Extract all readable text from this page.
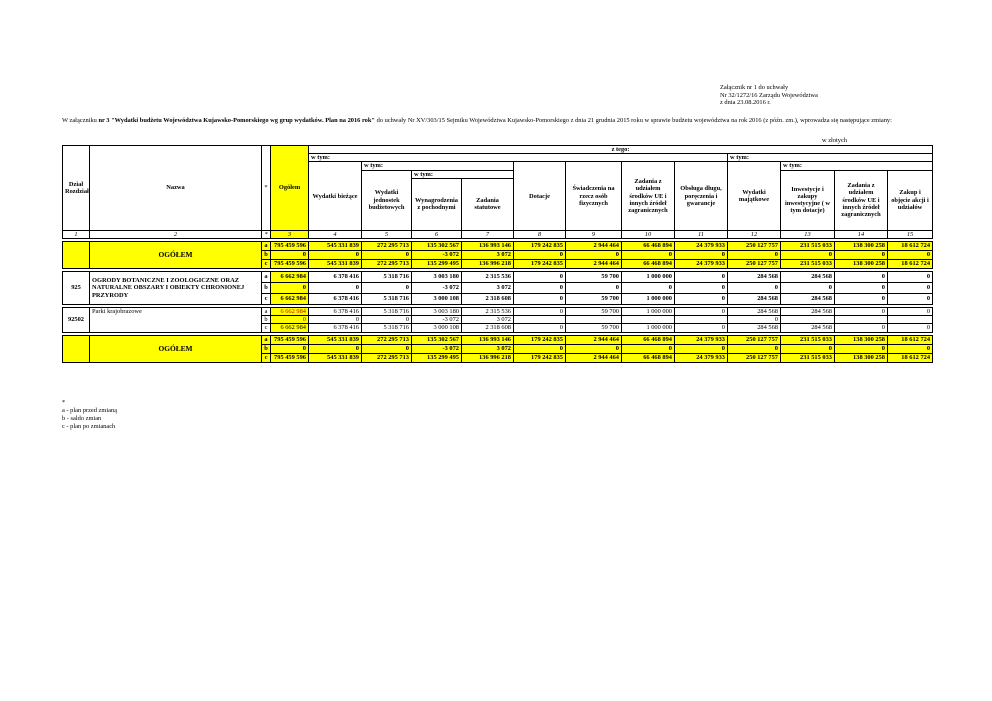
Załącznik nr 1 do uchwały
Nr 32/1272/16 Zarządu Województwa
z dnia 23.08.2016 r.
W załączniku nr 3 "Wydatki budżetu Województwa Kujawsko-Pomorskiego wg grup wydatków. Plan na 2016 rok" do uchwały Nr XV/303/15 Sejmiku Województwa Kujawsko-Pomorskiego z dnia 21 grudnia 2015 roku w sprawie budżetu województwa na rok 2016 (z późn. zm.), wprowadza się następujące zmiany:
w złotych
Dział Rozdział	Nazwa	*	Ogółem	z tego:											
				w tym:								w tym:			
				Wydatki bieżące	w tym:			Dotacje	Świadczenia na rzecz osób fizycznych	Zadania z udziałem środków UE i innych źródeł zagranicznych	Obsługa długu, poręczenia i gwarancje	Wydatki majątkowe	w tym:		
					Wydatki jednostek budżetowych	w tym:							Inwestycje i zakupy inwestycyjne ( w tym dotacje)	Zadania z udziałem środków UE i innych źródeł zagranicznych	Zakup i objęcie akcji i udziałów
						Wynagrodzenia z pochodnymi	Zadania statutowe								
1	2	*	3	4	5	6	7	8	9	10	11	12	13	14	15

	OGÓŁEM	a	795 459 596	545 331 839	272 295 713	135 302 567	136 993 146	179 242 835	2 944 464	66 468 894	24 379 933	250 127 757	231 515 033	138 300 258	18 612 724
		b	0	0	0	-3 072	3 072	0	0	0	0	0	0	0	0
		c	795 459 596	545 331 839	272 295 713	135 299 495	136 996 218	179 242 835	2 944 464	66 468 894	24 379 933	250 127 757	231 515 033	138 300 258	18 612 724

925	OGRODY BOTANICZNE I ZOOLOGICZNE ORAZ NATURALNE OBSZARY I OBIEKTY CHRONIONEJ PRZYRODY	a	6 662 984	6 378 416	5 318 716	3 003 180	2 315 536	0	59 700	1 000 000	0	284 568	284 568	0	0
		b	0	0	0	-3 072	3 072	0	0	0	0	0	0	0	0
		c	6 662 984	6 378 416	5 318 716	3 000 108	2 318 608	0	59 700	1 000 000	0	284 568	284 568	0	0

92502	Parki krajobrazowe	a	6 662 984	6 378 416	5 318 716	3 003 180	2 315 536	0	59 700	1 000 000	0	284 568	284 568	0	0
		b	0	0	0	-3 072	3 072					0			
		c	6 662 984	6 378 416	5 318 716	3 000 108	2 318 608	0	59 700	1 000 000	0	284 568	284 568	0	0

	OGÓŁEM	a	795 459 596	545 331 839	272 295 713	135 302 567	136 993 146	179 242 835	2 944 464	66 468 894	24 379 933	250 127 757	231 515 033	138 300 258	18 612 724
		b	0	0	0	-3 072	3 072	0	0	0	0	0	0	0	0
		c	795 459 596	545 331 839	272 295 713	135 299 495	136 996 218	179 242 835	2 944 464	66 468 894	24 379 933	250 127 757	231 515 033	138 300 258	18 612 724
*
a - plan przed zmianą
b - saldo zmian
c - plan po zmianach
